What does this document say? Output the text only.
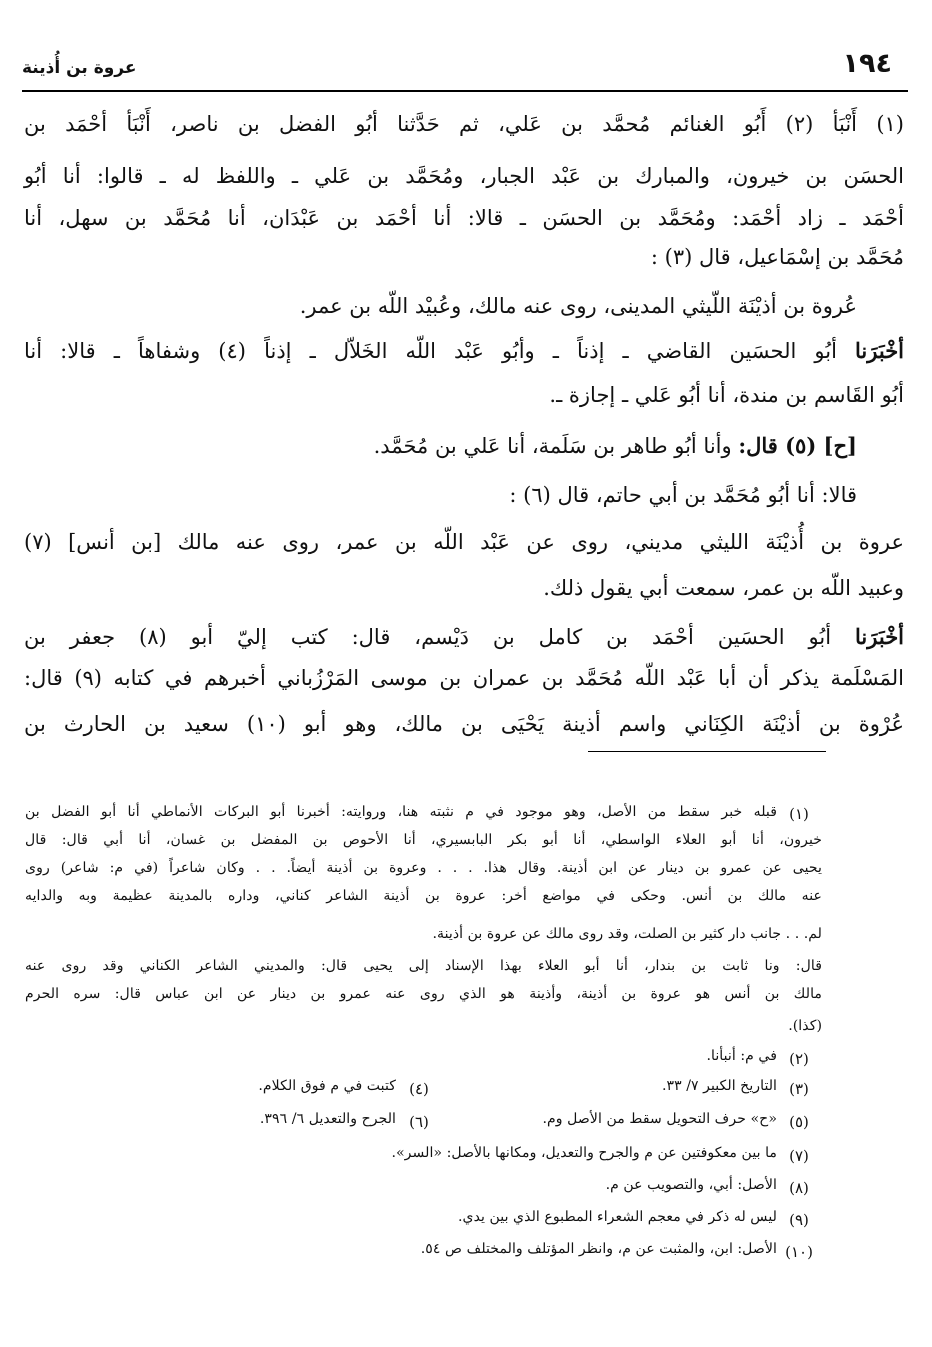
١٩٤
عروة بن أُذينة
(١) أَنْبَأ (٢) أَبُو الغنائم مُحمَّد بن عَلي، ثم حَدَّثنا أبُو الفضل بن ناصر، أَنْبَأ أحْمَد بن
الحسَن بن خيرون، والمبارك بن عَبْد الجبار، ومُحَمَّد بن عَلي ـ واللفظ له ـ قالوا: أنا أبُو
أحْمَد ـ زاد أحْمَد: ومُحَمَّد بن الحسَن ـ قالا: أنا أحْمَد بن عَبْدَان، أنا مُحَمَّد بن سهل، أنا
مُحَمَّد بن إسْمَاعيل، قال (٣) :
عُروة بن أذيْنَة اللّيثي المدينى، روى عنه مالك، وعُبيْد اللّه بن عمر.
أخْبَرَنا أبُو الحسَين القاضي ـ إذناً ـ وأبُو عَبْد اللّه الخَلاّل ـ إذناً (٤) وشفاهاً ـ قالا: أنا
أبُو القَاسم بن مندة، أنا أبُو عَلي ـ إجازة ـ.
[ح] (٥) قال: وأنا أبُو طاهر بن سَلَمة، أنا عَلي بن مُحَمَّد.
قالا: أنا أبُو مُحَمَّد بن أبي حاتم، قال (٦) :
عروة بن أُذيْنَة الليثي مديني، روى عن عَبْد اللّه بن عمر، روى عنه مالك [بن أنس] (٧)
وعبيد اللّه بن عمر، سمعت أبي يقول ذلك.
أخْبَرَنا أبُو الحسَين أحْمَد بن كامل بن دَيْسم، قال: كتب إليّ أبو (٨) جعفر بن
المَسْلَمة يذكر أن أبا عَبْد اللّه مُحَمَّد بن عمران بن موسى المَرْزُباني أخبرهم في كتابه (٩) قال:
عُرْوة بن أذيْنَة الكِنَاني واسم أذينة يَحْيَى بن مالك، وهو أبو (١٠) سعيد بن الحارث بن
(١)
قبله خبر سقط من الأصل، وهو موجود في م نثبته هنا، وروايته: أخبرنا أبو البركات الأنماطي أنا أبو الفضل بن
خيرون، أنا أبو العلاء الواسطي، أنا أبو بكر البابسيري، أنا الأحوص بن المفضل بن غسان، أنا أبي قال: قال
يحيى عن عمرو بن دينار عن ابن أذينة. وقال هذا. . . . وعروة بن أذينة أيضاً. . . وكان شاعراً (في م: شاعر) روى
عنه مالك بن أنس. وحكى في مواضع أخر: عروة بن أذينة الشاعر كناني، وداره بالمدينة عظيمة وبه والدايه
لم. . . جانب دار كثير بن الصلت، وقد روى مالك عن عروة بن أذينة.
قال: ونا ثابت بن بندار، أنا أبو العلاء بهذا الإسناد إلى يحيى قال: والمديني الشاعر الكناني وقد روى عنه
مالك بن أنس هو عروة بن أذينة، وأذينة هو الذي روى عنه عمرو بن دينار عن ابن عباس قال: سره الحرم
(كذا).
(٢)
في م: أنبأنا.
(٣)
التاريخ الكبير ٧/ ٣٣.
(٤)
كتبت في م فوق الكلام.
(٥)
«ح» حرف التحويل سقط من الأصل وم.
(٦)
الجرح والتعديل ٦/ ٣٩٦.
(٧)
ما بين معكوفتين عن م والجرح والتعديل، ومكانها بالأصل: «السر».
(٨)
الأصل: أبي، والتصويب عن م.
(٩)
ليس له ذكر في معجم الشعراء المطبوع الذي بين يدي.
(١٠)
الأصل: ابن، والمثبت عن م، وانظر المؤتلف والمختلف ص ٥٤.
